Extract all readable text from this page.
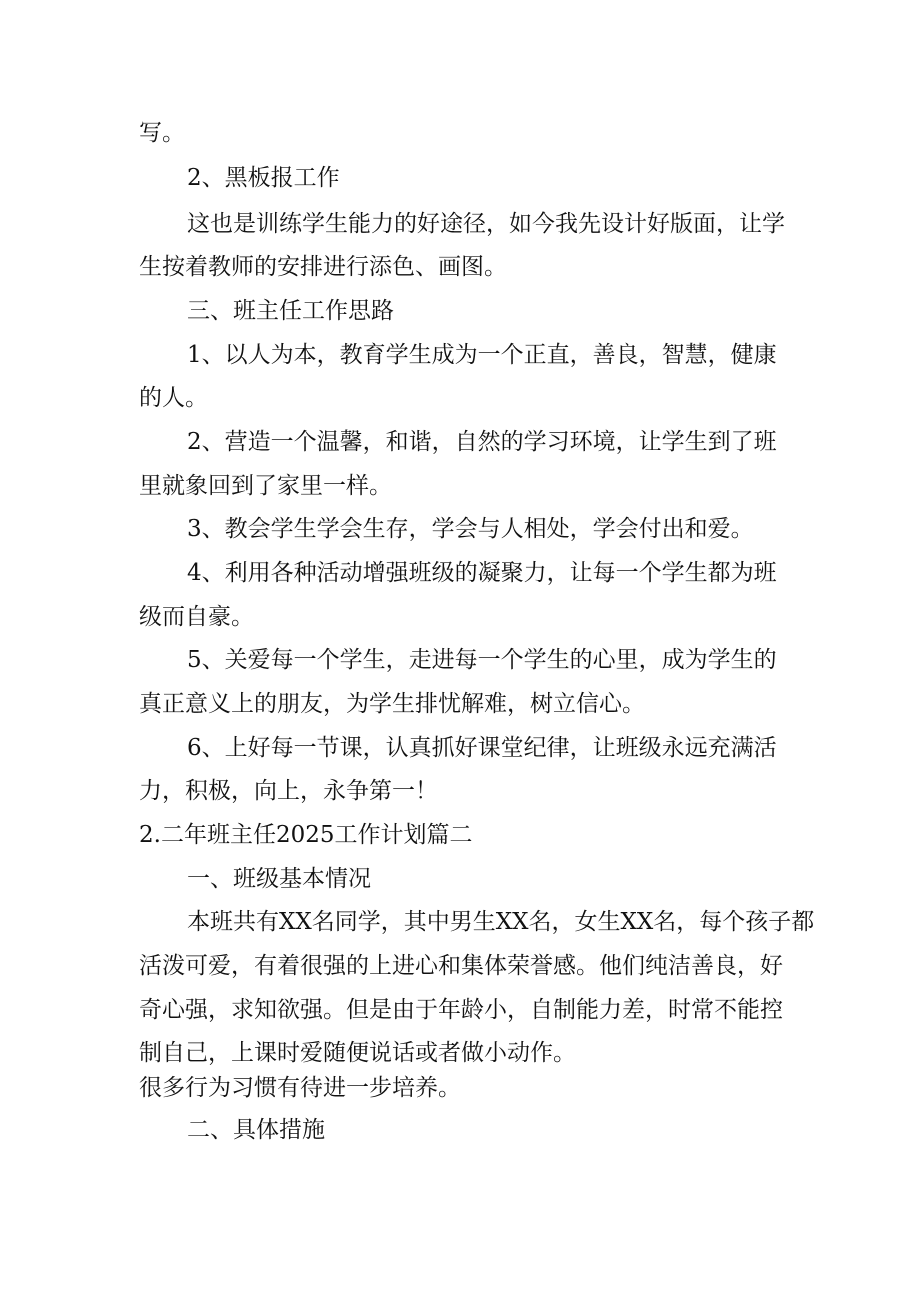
写。

2、黑板报工作

这也是训练学生能力的好途径，如今我先设计好版面，让学

生按着教师的安排进行添色、画图。

三、班主任工作思路

1、以人为本，教育学生成为一个正直，善良，智慧，健康

的人。

2、营造一个温馨，和谐，自然的学习环境，让学生到了班

里就象回到了家里一样。

3、教会学生学会生存，学会与人相处，学会付出和爱。

4、利用各种活动增强班级的凝聚力，让每一个学生都为班

级而自豪。

5、关爱每一个学生，走进每一个学生的心里，成为学生的

真正意义上的朋友，为学生排忧解难，树立信心。

6、上好每一节课，认真抓好课堂纪律，让班级永远充满活

力，积极，向上，永争第一！

2.二年班主任2025工作计划篇二

一、班级基本情况

本班共有XX名同学，其中男生XX名，女生XX名，每个孩子都

活泼可爱，有着很强的上进心和集体荣誉感。他们纯洁善良，好

奇心强，求知欲强。但是由于年龄小，自制能力差，时常不能控

制自己，上课时爱随便说话或者做小动作。

很多行为习惯有待进一步培养。

二、具体措施
